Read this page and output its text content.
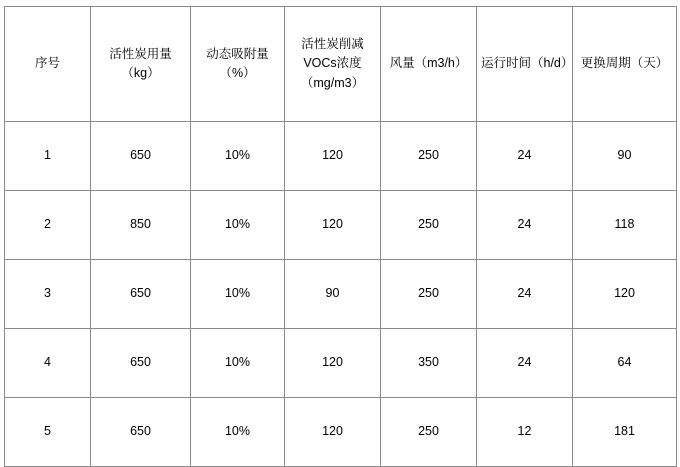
序号	活性炭用量（kg）	动态吸附量（%）	活性炭削减VOCs浓度（mg/m3）	风量（m3/h）	运行时间（h/d）	更换周期（天）
1	650	10%	120	250	24	90
2	850	10%	120	250	24	118
3	650	10%	90	250	24	120
4	650	10%	120	350	24	64
5	650	10%	120	250	12	181
